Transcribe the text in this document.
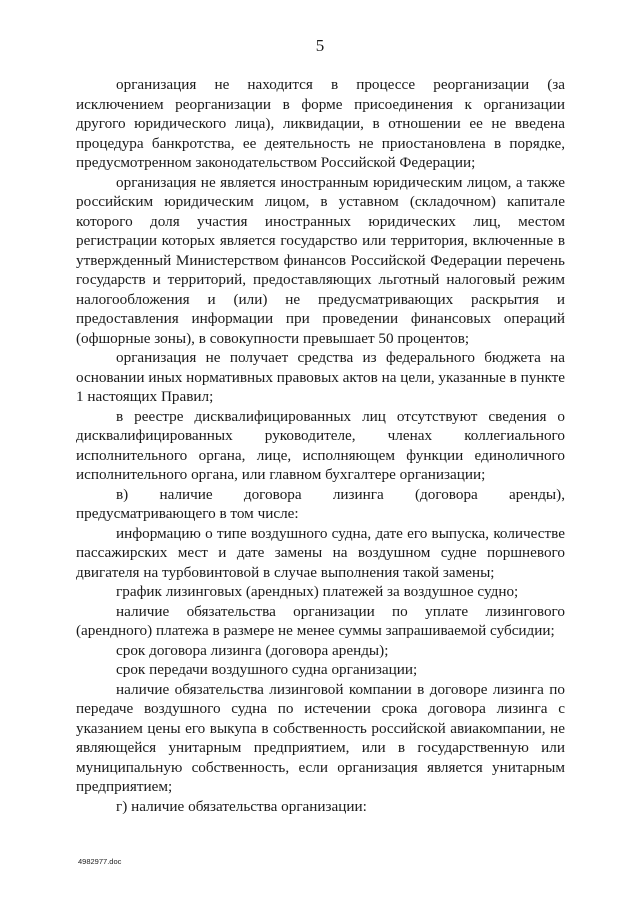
5

организация не находится в процессе реорганизации (за исключением реорганизации в форме присоединения к организации другого юридического лица), ликвидации, в отношении ее не введена процедура банкротства, ее деятельность не приостановлена в порядке, предусмотренном законодательством Российской Федерации;

организация не является иностранным юридическим лицом, а также российским юридическим лицом, в уставном (складочном) капитале которого доля участия иностранных юридических лиц, местом регистрации которых является государство или территория, включенные в утвержденный Министерством финансов Российской Федерации перечень государств и территорий, предоставляющих льготный налоговый режим налогообложения и (или) не предусматривающих раскрытия и предоставления информации при проведении финансовых операций (офшорные зоны), в совокупности превышает 50 процентов;

организация не получает средства из федерального бюджета на основании иных нормативных правовых актов на цели, указанные в пункте 1 настоящих Правил;

в реестре дисквалифицированных лиц отсутствуют сведения о дисквалифицированных руководителе, членах коллегиального исполнительного органа, лице, исполняющем функции единоличного исполнительного органа, или главном бухгалтере организации;

в) наличие договора лизинга (договора аренды), предусматривающего в том числе:

информацию о типе воздушного судна, дате его выпуска, количестве пассажирских мест и дате замены на воздушном судне поршневого двигателя на турбовинтовой в случае выполнения такой замены;

график лизинговых (арендных) платежей за воздушное судно;

наличие обязательства организации по уплате лизингового (арендного) платежа в размере не менее суммы запрашиваемой субсидии;

срок договора лизинга (договора аренды);

срок передачи воздушного судна организации;

наличие обязательства лизинговой компании в договоре лизинга по передаче воздушного судна по истечении срока договора лизинга с указанием цены его выкупа в собственность российской авиакомпании, не являющейся унитарным предприятием, или в государственную или муниципальную собственность, если организация является унитарным предприятием;

г) наличие обязательства организации:

4982977.doc
